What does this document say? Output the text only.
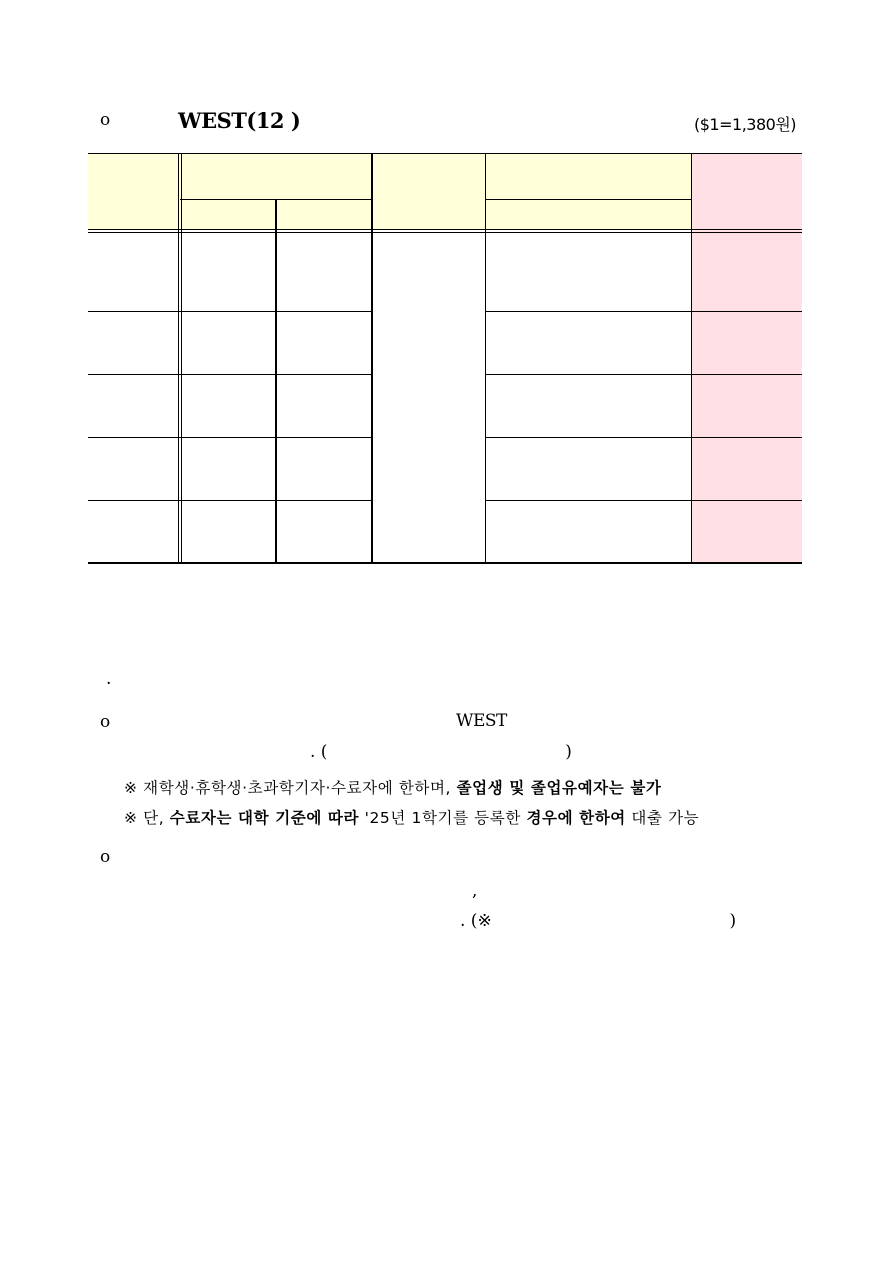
o	WEST(12 )	($1=1,380원)
·
o	WEST
. (                                            )
※ 재학생·휴학생·초과학기자·수료자에 한하며, 졸업생 및 졸업유예자는 불가
※ 단, 수료자는 대학 기준에 따라 '25년 1학기를 등록한 경우에 한하여 대출 가능
o
,
. (※                                            )
